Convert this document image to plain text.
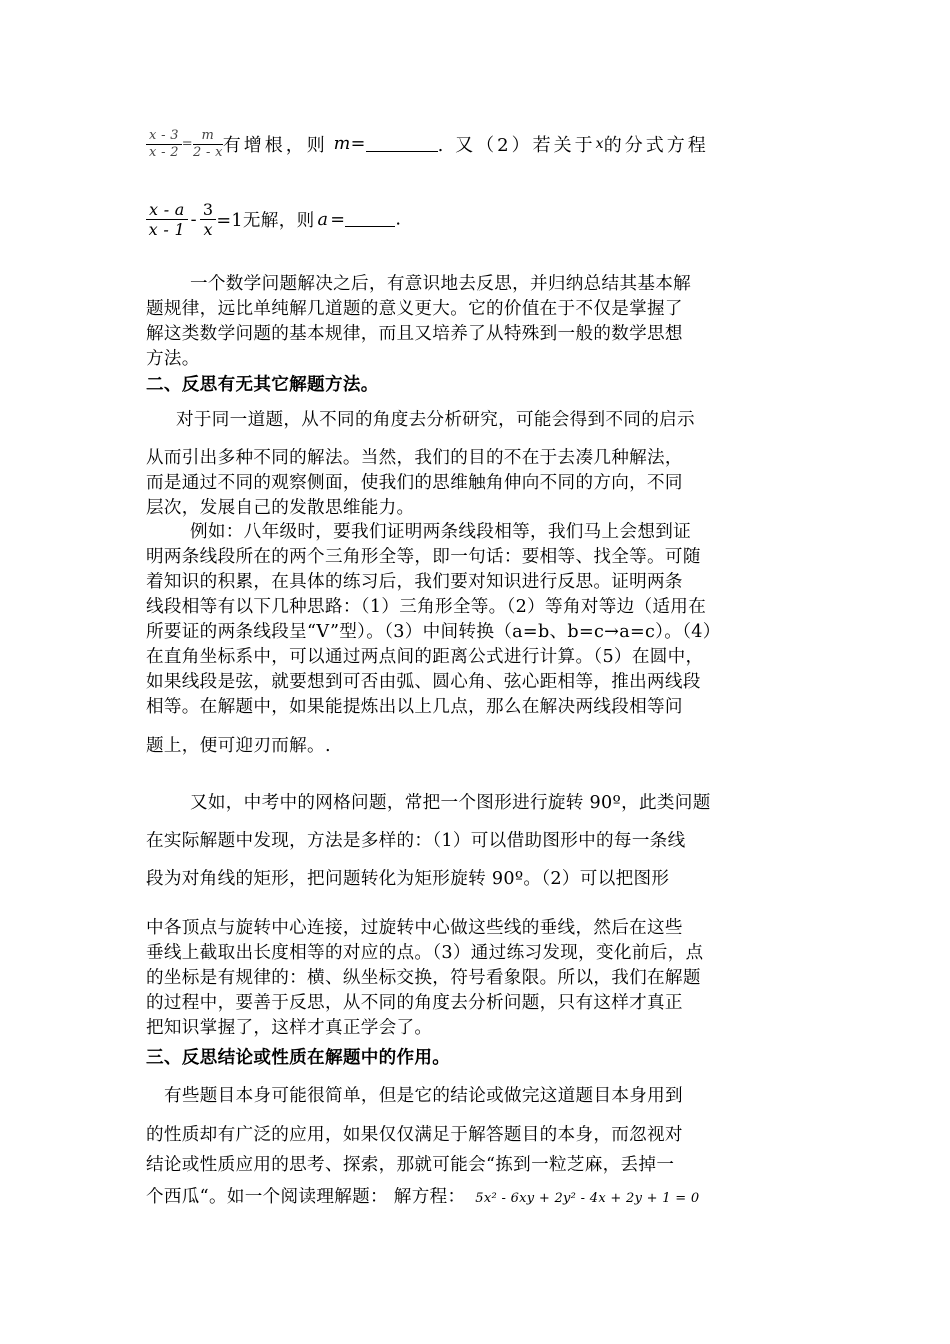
$\frac{x - 3}{x - 2} = \frac{m}{2 - x}$ 有增根，则 m=	. 又（2）若关于x的分式方程
$\frac{x - a}{x - 1} - \frac{3}{x} =1$无解，则 a =	.
一个数学问题解决之后，有意识地去反思，并归纳总结其基本解
题规律，远比单纯解几道题的意义更大。它的价值在于不仅是掌握了
解这类数学问题的基本规律，而且又培养了从特殊到一般的数学思想
方法。
二、反思有无其它解题方法。
对于同一道题，从不同的角度去分析研究，可能会得到不同的启示
从而引出多种不同的解法。当然，我们的目的不在于去凑几种解法，
而是通过不同的观察侧面，使我们的思维触角伸向不同的方向，不同
层次，发展自己的发散思维能力。
例如：八年级时，要我们证明两条线段相等，我们马上会想到证
明两条线段所在的两个三角形全等，即一句话：要相等、找全等。可随
着知识的积累，在具体的练习后，我们要对知识进行反思。证明两条
线段相等有以下几种思路：（1）三角形全等。（2）等角对等边（适用在
所要证的两条线段呈“V”型）。（3）中间转换（a=b、b=c→a=c）。（4）
在直角坐标系中，可以通过两点间的距离公式进行计算。（5）在圆中，
如果线段是弦，就要想到可否由弧、圆心角、弦心距相等，推出两线段
相等。在解题中，如果能提炼出以上几点，那么在解决两线段相等问
题上，便可迎刃而解。.
又如，中考中的网格问题，常把一个图形进行旋转 90º，此类问题
在实际解题中发现，方法是多样的：（1）可以借助图形中的每一条线
段为对角线的矩形，把问题转化为矩形旋转 90º。（2）可以把图形
中各顶点与旋转中心连接，过旋转中心做这些线的垂线，然后在这些
垂线上截取出长度相等的对应的点。（3）通过练习发现，变化前后，点
的坐标是有规律的：横、纵坐标交换，符号看象限。所以，我们在解题
的过程中，要善于反思，从不同的角度去分析问题，只有这样才真正
把知识掌握了，这样才真正学会了。
三、反思结论或性质在解题中的作用。
有些题目本身可能很简单，但是它的结论或做完这道题目本身用到
的性质却有广泛的应用，如果仅仅满足于解答题目的本身，而忽视对
结论或性质应用的思考、探索，那就可能会“拣到一粒芝麻，丢掉一
个西瓜“。如一个阅读理解题： 解方程： 5x² - 6xy + 2y² - 4x + 2y + 1 = 0
